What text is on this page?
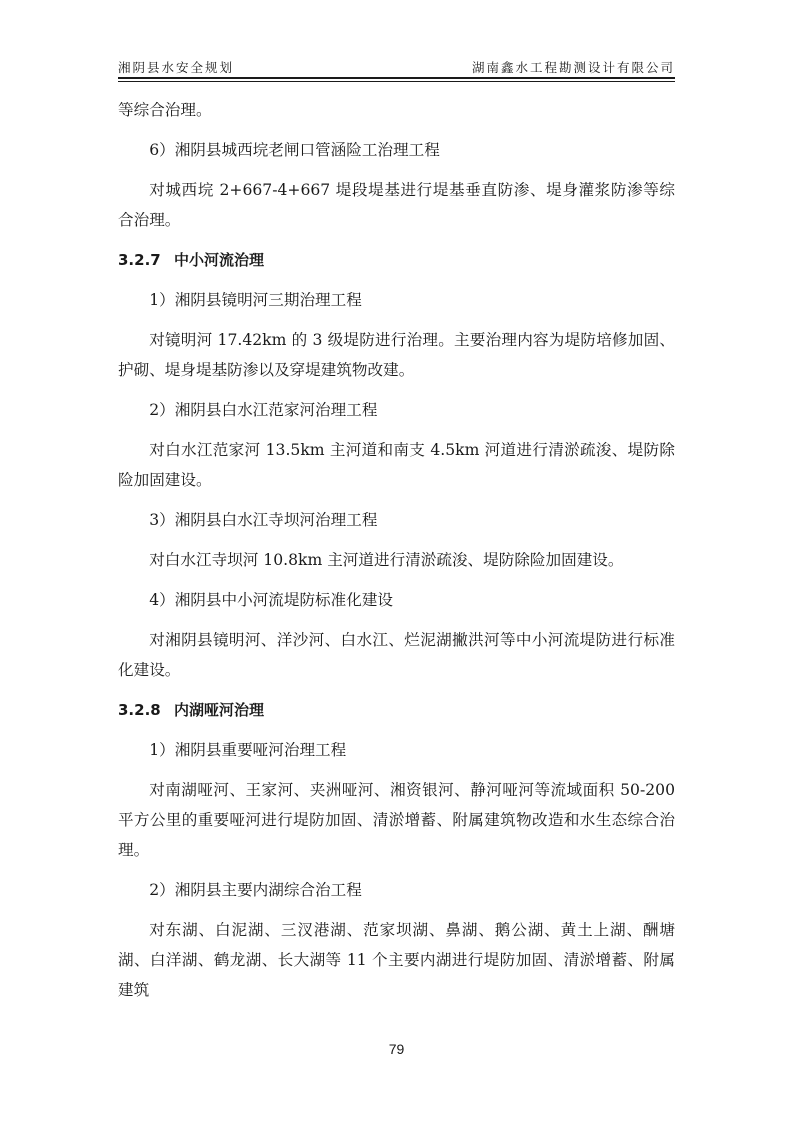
湘阴县水安全规划	湖南鑫水工程勘测设计有限公司

等综合治理。

6）湘阴县城西垸老闸口管涵险工治理工程

对城西垸 2+667-4+667 堤段堤基进行堤基垂直防渗、堤身灌浆防渗等综合治理。

3.2.7 中小河流治理

1）湘阴县镜明河三期治理工程

对镜明河 17.42km 的 3 级堤防进行治理。主要治理内容为堤防培修加固、护砌、堤身堤基防渗以及穿堤建筑物改建。

2）湘阴县白水江范家河治理工程

对白水江范家河 13.5km 主河道和南支 4.5km 河道进行清淤疏浚、堤防除险加固建设。

3）湘阴县白水江寺坝河治理工程

对白水江寺坝河 10.8km 主河道进行清淤疏浚、堤防除险加固建设。

4）湘阴县中小河流堤防标准化建设

对湘阴县镜明河、洋沙河、白水江、烂泥湖撇洪河等中小河流堤防进行标准化建设。

3.2.8 内湖哑河治理

1）湘阴县重要哑河治理工程

对南湖哑河、王家河、夹洲哑河、湘资银河、静河哑河等流域面积 50-200 平方公里的重要哑河进行堤防加固、清淤增蓄、附属建筑物改造和水生态综合治理。

2）湘阴县主要内湖综合治工程

对东湖、白泥湖、三汊港湖、范家坝湖、鼻湖、鹅公湖、黄土上湖、酬塘湖、白洋湖、鹤龙湖、长大湖等 11 个主要内湖进行堤防加固、清淤增蓄、附属建筑

79
